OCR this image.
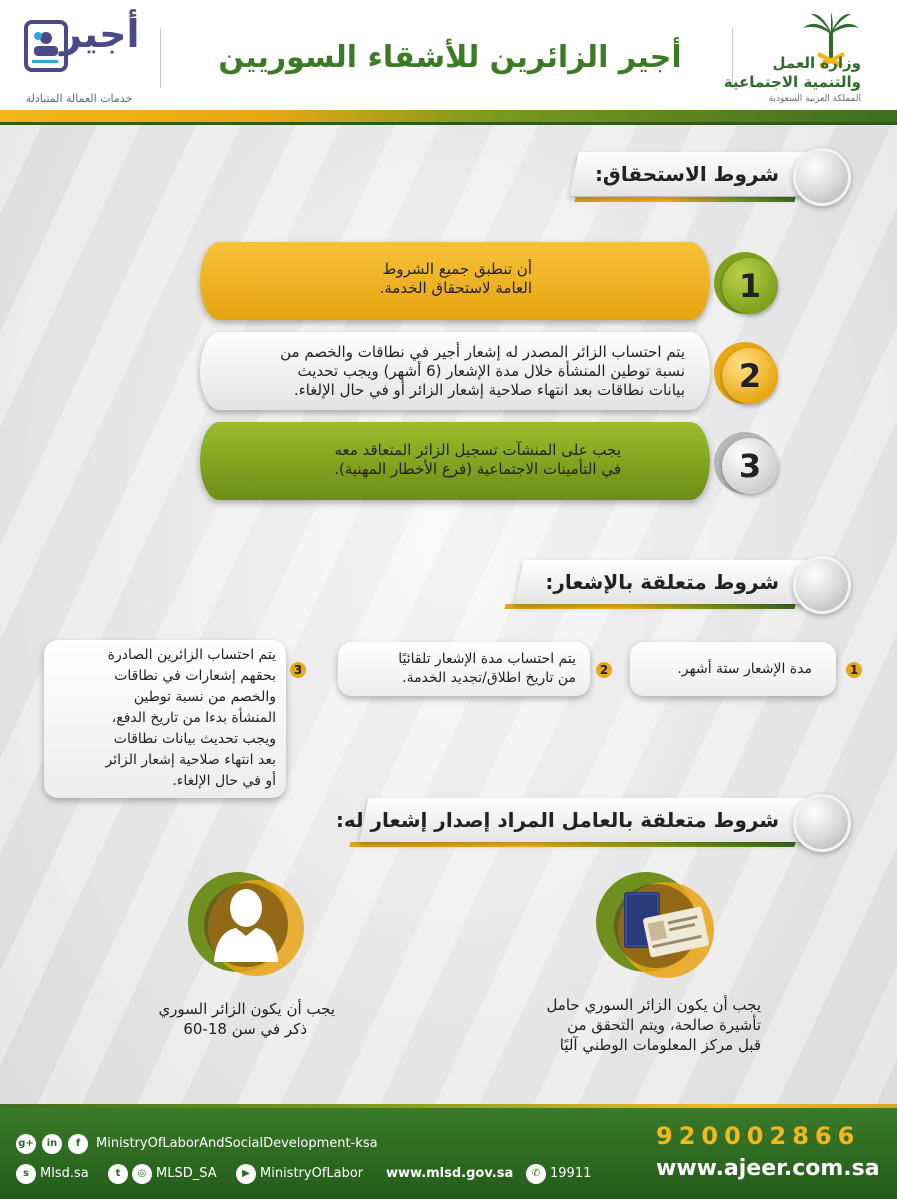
أجير
خدمات العمالة المتبادلة
أجير الزائرين للأشقاء السوريين	وزارة العمل
والتنمية الاجتماعية
المملكة العربية السعودية
شروط الاستحقاق:
أن تنطبق جميع الشروط
العامة لاستحقاق الخدمة.	1
يتم احتساب الزائر المصدر له إشعار أجير في نطاقات والخصم من
نسبة توطين المنشأة خلال مدة الإشعار (6 أشهر) ويجب تحديث
بيانات نطاقات بعد انتهاء صلاحية إشعار الزائر أو في حال الإلغاء.	2
يجب على المنشآت تسجيل الزائر المتعاقد معه
في التأمينات الاجتماعية (فرع الأخطار المهنية).	3
شروط متعلقة بالإشعار:
مدة الإشعار ستة أشهر.	1
يتم احتساب مدة الإشعار تلقائيًا
من تاريخ اطلاق/تجديد الخدمة.	2
يتم احتساب الزائرين الصادرة
بحقهم إشعارات في نطاقات
والخصم من نسبة توطين
المنشأة بدءا من تاريخ الدفع،
ويجب تحديث بيانات نطاقات
بعد انتهاء صلاحية إشعار الزائر
أو في حال الإلغاء.
3
شروط متعلقة بالعامل المراد إصدار إشعار له:
يجب أن يكون الزائر السوري
ذكر في سن 18-60
يجب أن يكون الزائر السوري حامل
تأشيرة صالحة، ويتم التحقق من
قبل مركز المعلومات الوطني آليًا
g+	in	f	MinistryOfLaborAndSocialDevelopment-ksa
s Mlsd.sa	t	◎ MLSD_SA	▶ MinistryOfLabor www.mlsd.gov.sa	✆ 19911
920002866
www.ajeer.com.sa
